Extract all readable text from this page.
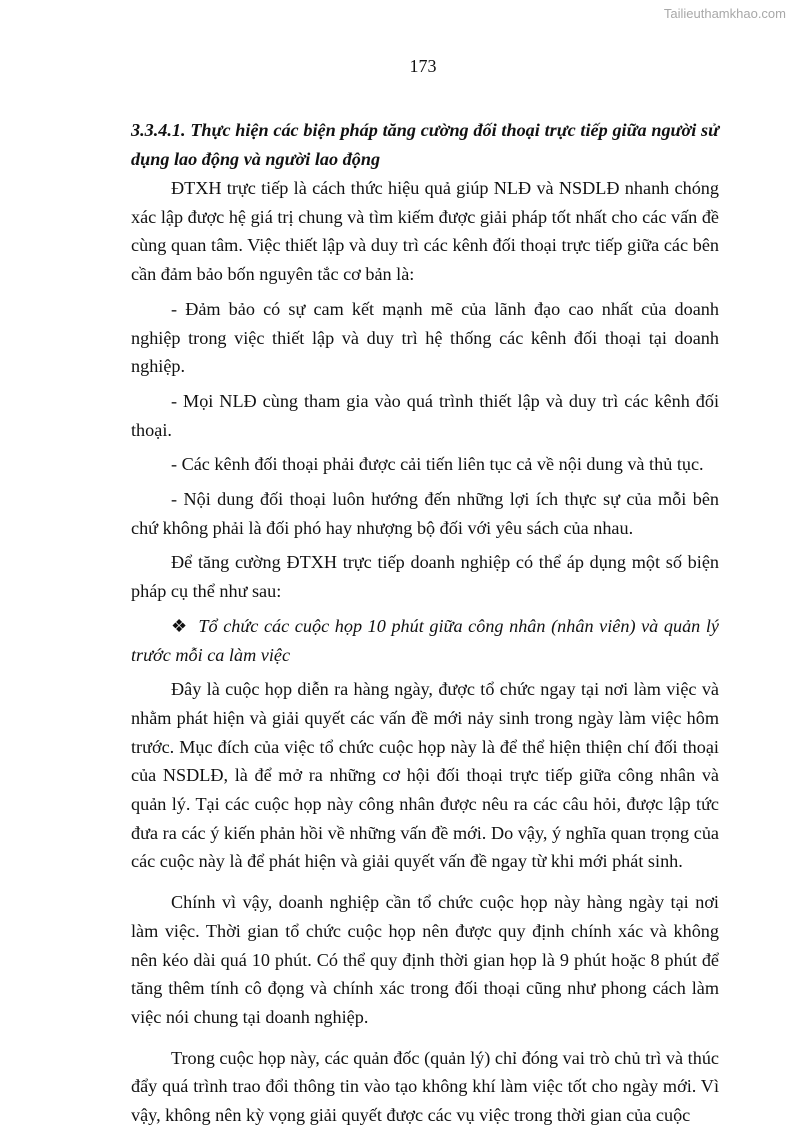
Tailieuthamkhao.com
173
3.3.4.1. Thực hiện các biện pháp tăng cường đối thoại trực tiếp giữa người sử dụng lao động và người lao động

ĐTXH trực tiếp là cách thức hiệu quả giúp NLĐ và NSDLĐ nhanh chóng xác lập được hệ giá trị chung và tìm kiếm được giải pháp tốt nhất cho các vấn đề cùng quan tâm. Việc thiết lập và duy trì các kênh đối thoại trực tiếp giữa các bên cần đảm bảo bốn nguyên tắc cơ bản là:

- Đảm bảo có sự cam kết mạnh mẽ của lãnh đạo cao nhất của doanh nghiệp trong việc thiết lập và duy trì hệ thống các kênh đối thoại tại doanh nghiệp.

- Mọi NLĐ cùng tham gia vào quá trình thiết lập và duy trì các kênh đối thoại.

- Các kênh đối thoại phải được cải tiến liên tục cả về nội dung và thủ tục.

- Nội dung đối thoại luôn hướng đến những lợi ích thực sự của mỗi bên chứ không phải là đối phó hay nhượng bộ đối với yêu sách của nhau.

Để tăng cường ĐTXH trực tiếp doanh nghiệp có thể áp dụng một số biện pháp cụ thể như sau:

❖ Tổ chức các cuộc họp 10 phút giữa công nhân (nhân viên) và quản lý trước mỗi ca làm việc

Đây là cuộc họp diễn ra hàng ngày, được tổ chức ngay tại nơi làm việc và nhằm phát hiện và giải quyết các vấn đề mới nảy sinh trong ngày làm việc hôm trước. Mục đích của việc tổ chức cuộc họp này là để thể hiện thiện chí đối thoại của NSDLĐ, là để mở ra những cơ hội đối thoại trực tiếp giữa công nhân và quản lý. Tại các cuộc họp này công nhân được nêu ra các câu hỏi, được lập tức đưa ra các ý kiến phản hồi về những vấn đề mới. Do vậy, ý nghĩa quan trọng của các cuộc này là để phát hiện và giải quyết vấn đề ngay từ khi mới phát sinh.

Chính vì vậy, doanh nghiệp cần tổ chức cuộc họp này hàng ngày tại nơi làm việc. Thời gian tổ chức cuộc họp nên được quy định chính xác và không nên kéo dài quá 10 phút. Có thể quy định thời gian họp là 9 phút hoặc 8 phút để tăng thêm tính cô đọng và chính xác trong đối thoại cũng như phong cách làm việc nói chung tại doanh nghiệp.

Trong cuộc họp này, các quản đốc (quản lý) chỉ đóng vai trò chủ trì và thúc đẩy quá trình trao đổi thông tin vào tạo không khí làm việc tốt cho ngày mới. Vì vậy, không nên kỳ vọng giải quyết được các vụ việc trong thời gian của cuộc
